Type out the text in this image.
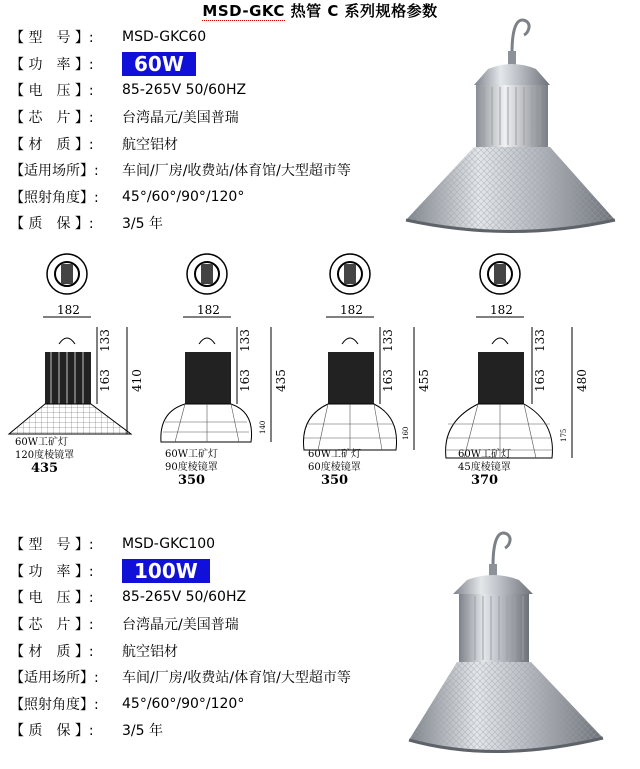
MSD-GKC 热管 C 系列规格参数
【 型　号 】:	MSD-GKC60
【 功　率 】:	60W
【 电　压 】:	85-265V 50/60HZ
【 芯　片 】:	台湾晶元/美国普瑞
【 材　质 】:	航空铝材
【适用场所】:	车间/厂房/收费站/体育馆/大型超市等
【照射角度】:	45°/60°/90°/120°
【 质　保 】:	3/5 年
182
133
163 410
60W工矿灯
120度棱镜罩
435
182
133
163
140
435
60W工矿灯
90度棱镜罩
350
182
133
163
160
455
60W工矿灯
60度棱镜罩
350
182
133
163
175
480
60W工矿灯
45度棱镜罩
370
【 型　号 】:	MSD-GKC100
【 功　率 】:	100W
【 电　压 】:	85-265V 50/60HZ
【 芯　片 】:	台湾晶元/美国普瑞
【 材　质 】:	航空铝材
【适用场所】:	车间/厂房/收费站/体育馆/大型超市等
【照射角度】:	45°/60°/90°/120°
【 质　保 】:	3/5 年
